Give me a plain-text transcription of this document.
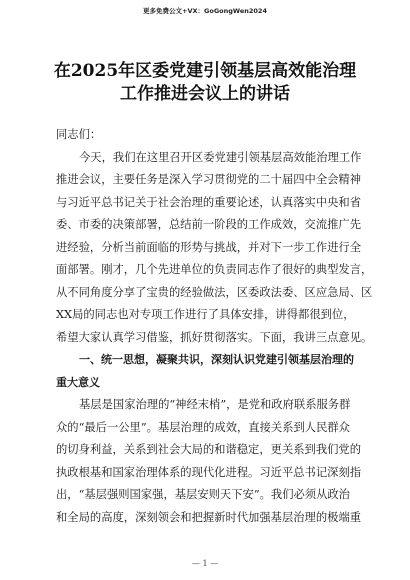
更多免费公文+VX：GoGongWen2024
在2025年区委党建引领基层高效能治理
工作推进会议上的讲话
同志们：
今天，我们在这里召开区委党建引领基层高效能治理工作
推进会议，主要任务是深入学习贯彻党的二十届四中全会精神
与习近平总书记关于社会治理的重要论述，认真落实中央和省
委、市委的决策部署，总结前一阶段的工作成效，交流推广先
进经验，分析当前面临的形势与挑战，并对下一步工作进行全
面部署。刚才，几个先进单位的负责同志作了很好的典型发言，
从不同角度分享了宝贵的经验做法，区委政法委、区应急局、区
XX局的同志也对专项工作进行了具体安排，讲得都很到位，
希望大家认真学习借鉴，抓好贯彻落实。下面，我讲三点意见。
一、统一思想，凝聚共识，深刻认识党建引领基层治理的
重大意义
基层是国家治理的“神经末梢”，是党和政府联系服务群
众的“最后一公里”。基层治理的成效，直接关系到人民群众
的切身利益，关系到社会大局的和谐稳定，更关系到我们党的
执政根基和国家治理体系的现代化进程。习近平总书记深刻指
出，“基层强则国家强，基层安则天下安”。我们必须从政治
和全局的高度，深刻领会和把握新时代加强基层治理的极端重
— 1 —
